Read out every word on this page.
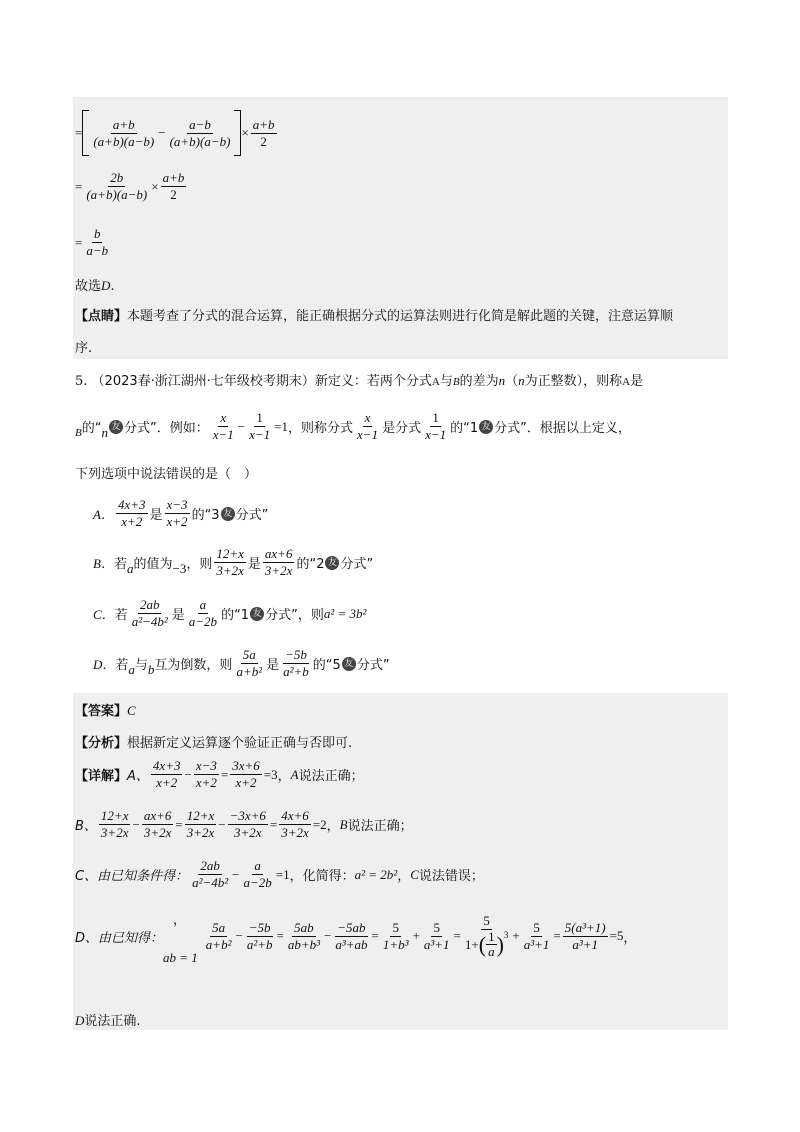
= $\frac{a+b}{(a+b)(a-b)} - \frac{a-b}{(a+b)(a-b)} \times \frac{a+b}{2}$
= $\frac{2b}{(a+b)(a-b)} \times \frac{a+b}{2}$
= $\frac{b}{a-b}$
故选D.
【点睛】本题考查了分式的混合运算，能正确根据分式的运算法则进行化简是解此题的关键，注意运算顺
序.
5. （2023春·浙江湖州·七年级校考期末）新定义：若两个分式A与B的差为n（n为正整数），则称A是
B 的“ n 友 分式”．例如： $\frac{x}{x-1} - \frac{1}{x-1} =1$ ，则称分式 $\frac{x}{x-1}$ 是分式 $\frac{1}{x-1}$ 的“1 友 分式”．根据以上定义，
下列选项中说法错误的是（　）
A． $\frac{4x+3}{x+2}$ 是 $\frac{x-3}{x+2}$ 的“3 友 分式”
B． 若 a 的值为 −3 ，则 $\frac{12+x}{3+2x}$ 是 $\frac{ax+6}{3+2x}$ 的“2 友 分式”
C． 若 $\frac{2ab}{\text{a²−4b²}}$ 是 $\frac{a}{a-2b}$ 的“1 友 分式”，则 a² = 3b²
D． 若 a 与 b 互为倒数，则 $\frac{5a}{\text{a+b²}}$ 是 $\frac{-5b}{\text{a²+b}}$ 的“5 友 分式”
【答案】C
【分析】根据新定义运算逐个验证正确与否即可.
【详解】 A、 $\frac{4x+3}{x+2} - \frac{x-3}{x+2} = \frac{3x+6}{x+2} =3$ ， A 说法正确；
B、 $\frac{12+x}{3+2x} - \frac{ax+6}{3+2x} = \frac{12+x}{3+2x} - \frac{-3x+6}{3+2x} = \frac{4x+6}{3+2x} =2$ ， B 说法正确；
C、由已知条件得： $\frac{2ab}{\text{a²−4b²}} - \frac{a}{a-2b} =1$ ，化简得： a² = 2b² ， C 说法错误；
D、由已知得：
，
ab = 1
$\frac{5a}{\text{a+b²}} - \frac{-5b}{\text{a²+b}} = \frac{5ab}{\text{ab+b³}} - \frac{-5ab}{\text{a³+ab}} = \frac{5}{\text{1+b³}} + \frac{5}{\text{a³+1}} = 5$
1+ ( 1
a )$^3 + \frac{5}{\text{a³+1}} = \frac{\text{5(a³+1)}}{\text{a³+1}} =5$ ，
D说法正确.
